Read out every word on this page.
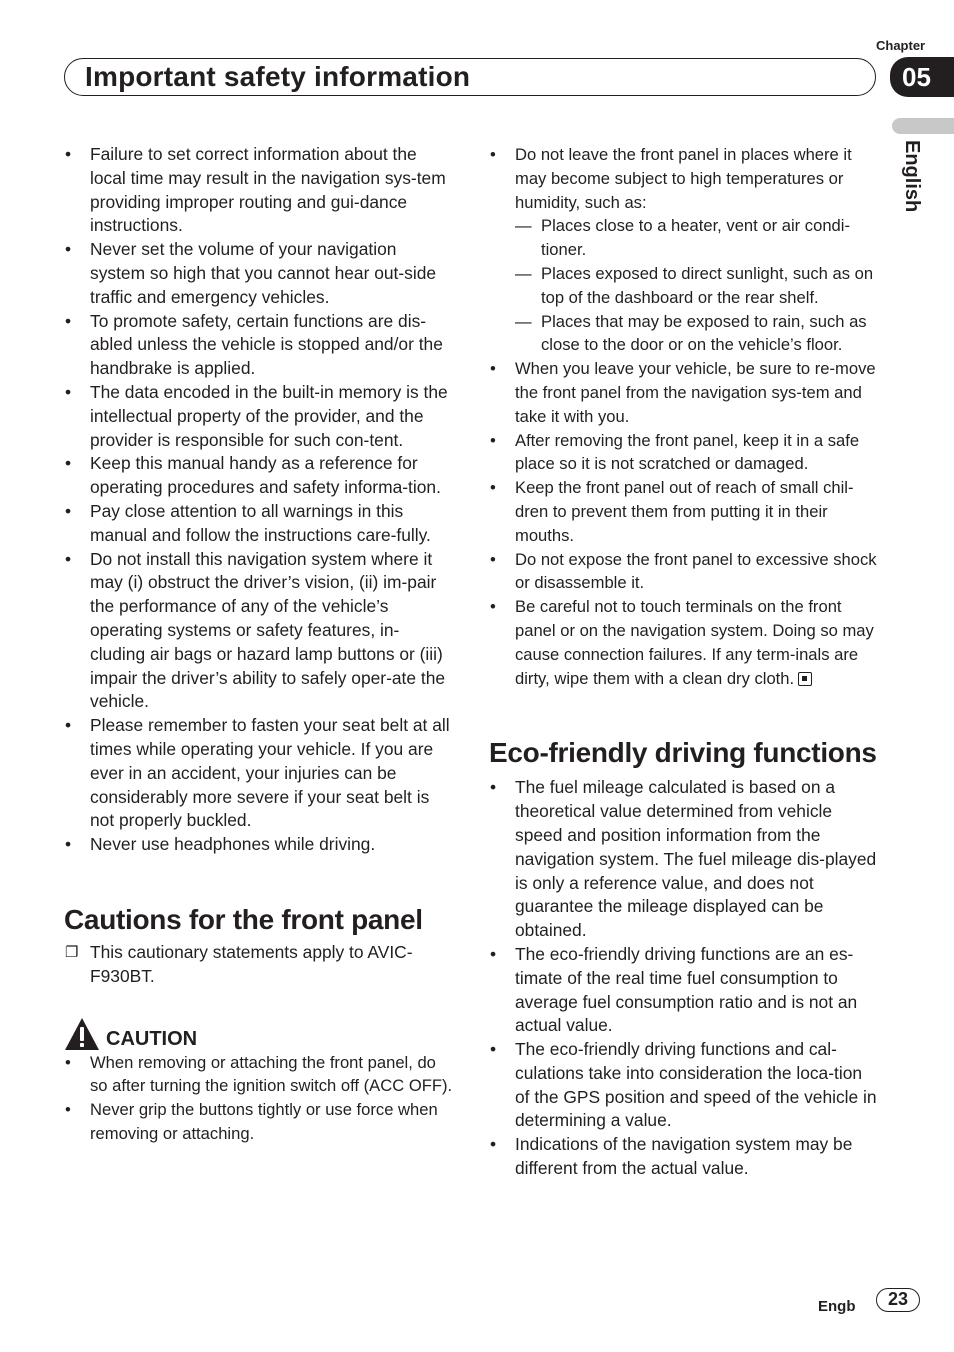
Chapter
05
Important safety information
English
• Failure to set correct information about the local time may result in the navigation sys-tem providing improper routing and gui-dance instructions.
• Never set the volume of your navigation system so high that you cannot hear out-side traffic and emergency vehicles.
• To promote safety, certain functions are dis-abled unless the vehicle is stopped and/or the handbrake is applied.
• The data encoded in the built-in memory is the intellectual property of the provider, and the provider is responsible for such con-tent.
• Keep this manual handy as a reference for operating procedures and safety informa-tion.
• Pay close attention to all warnings in this manual and follow the instructions care-fully.
• Do not install this navigation system where it may (i) obstruct the driver’s vision, (ii) im-pair the performance of any of the vehicle’s operating systems or safety features, in-cluding air bags or hazard lamp buttons or (iii) impair the driver’s ability to safely oper-ate the vehicle.
• Please remember to fasten your seat belt at all times while operating your vehicle. If you are ever in an accident, your injuries can be considerably more severe if your seat belt is not properly buckled.
• Never use headphones while driving.
Cautions for the front panel
❐ This cautionary statements apply to AVIC-F930BT.
CAUTION
• When removing or attaching the front panel, do so after turning the ignition switch off (ACC OFF).
• Never grip the buttons tightly or use force when removing or attaching.
• Do not leave the front panel in places where it may become subject to high temperatures or humidity, such as:
— Places close to a heater, vent or air condi-tioner.
— Places exposed to direct sunlight, such as on top of the dashboard or the rear shelf.
— Places that may be exposed to rain, such as close to the door or on the vehicle’s floor.
• When you leave your vehicle, be sure to re-move the front panel from the navigation sys-tem and take it with you.
• After removing the front panel, keep it in a safe place so it is not scratched or damaged.
• Keep the front panel out of reach of small chil-dren to prevent them from putting it in their mouths.
• Do not expose the front panel to excessive shock or disassemble it.
• Be careful not to touch terminals on the front panel or on the navigation system. Doing so may cause connection failures. If any term-inals are dirty, wipe them with a clean dry cloth.
Eco-friendly driving functions
• The fuel mileage calculated is based on a theoretical value determined from vehicle speed and position information from the navigation system. The fuel mileage dis-played is only a reference value, and does not guarantee the mileage displayed can be obtained.
• The eco-friendly driving functions are an es-timate of the real time fuel consumption to average fuel consumption ratio and is not an actual value.
• The eco-friendly driving functions and cal-culations take into consideration the loca-tion of the GPS position and speed of the vehicle in determining a value.
• Indications of the navigation system may be different from the actual value.
Engb	23
